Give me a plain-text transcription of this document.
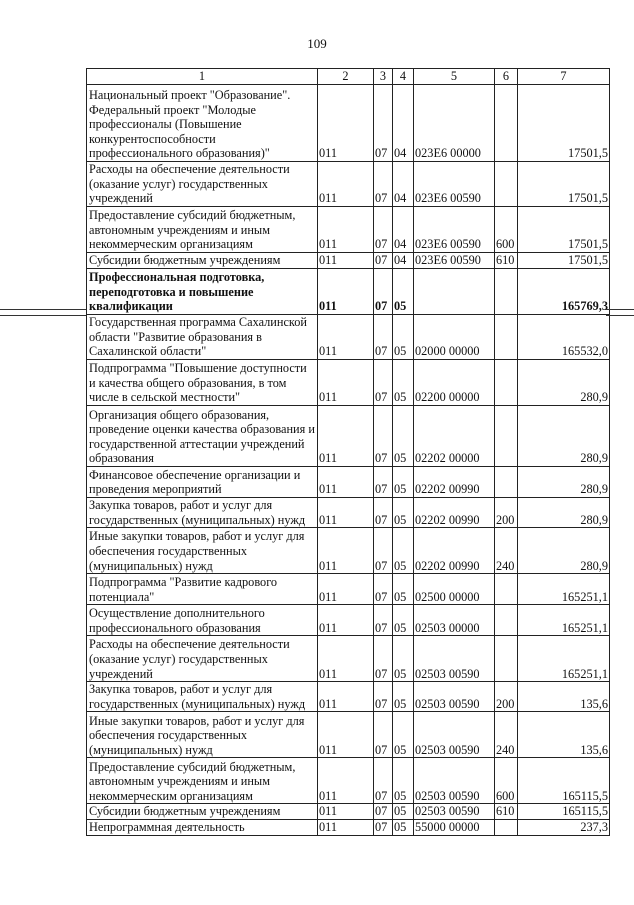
109
1	2	3	4	5	6	7
Национальный проект "Образование". Федеральный проект "Молодые профессионалы (Повышение конкурентоспособности профессионального образования)"	011	07	04	023E6 00000		17501,5
Расходы на обеспечение деятельности (оказание услуг) государственных учреждений	011	07	04	023E6 00590		17501,5
Предоставление субсидий бюджетным, автономным учреждениям и иным некоммерческим организациям	011	07	04	023E6 00590	600	17501,5
Субсидии бюджетным учреждениям	011	07	04	023E6 00590	610	17501,5
Профессиональная подготовка, переподготовка и повышение квалификации	011	07	05			165769,3
Государственная программа Сахалинской области "Развитие образования в Сахалинской области"	011	07	05	02000 00000		165532,0
Подпрограмма "Повышение доступности и качества общего образования, в том числе в сельской местности"	011	07	05	02200 00000		280,9
Организация общего образования, проведение оценки качества образования и государственной аттестации учреждений образования	011	07	05	02202 00000		280,9
Финансовое обеспечение организации и проведения мероприятий	011	07	05	02202 00990		280,9
Закупка товаров, работ и услуг для государственных (муниципальных) нужд	011	07	05	02202 00990	200	280,9
Иные закупки товаров, работ и услуг для обеспечения государственных (муниципальных) нужд	011	07	05	02202 00990	240	280,9
Подпрограмма "Развитие кадрового потенциала"	011	07	05	02500 00000		165251,1
Осуществление дополнительного профессионального образования	011	07	05	02503 00000		165251,1
Расходы на обеспечение деятельности (оказание услуг) государственных учреждений	011	07	05	02503 00590		165251,1
Закупка товаров, работ и услуг для государственных (муниципальных) нужд	011	07	05	02503 00590	200	135,6
Иные закупки товаров, работ и услуг для обеспечения государственных (муниципальных) нужд	011	07	05	02503 00590	240	135,6
Предоставление субсидий бюджетным, автономным учреждениям и иным некоммерческим организациям	011	07	05	02503 00590	600	165115,5
Субсидии бюджетным учреждениям	011	07	05	02503 00590	610	165115,5
Непрограммная деятельность	011	07	05	55000 00000		237,3
